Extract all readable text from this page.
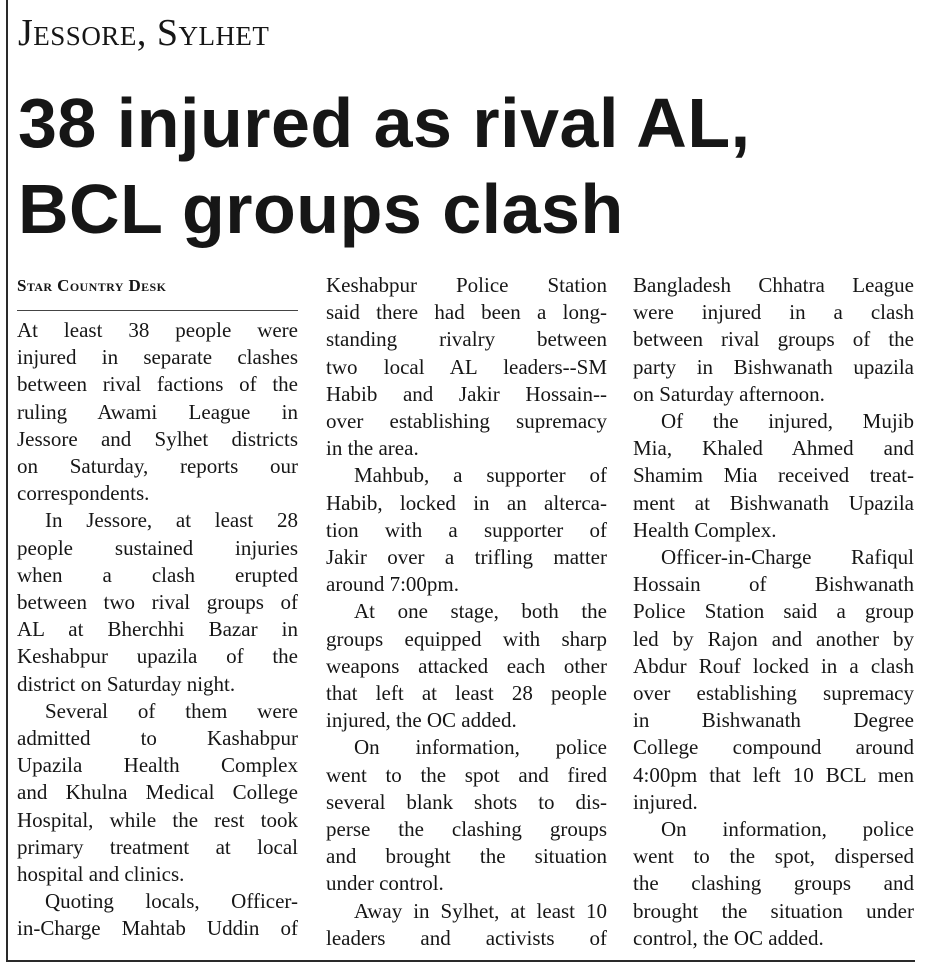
Jessore, Sylhet
38 injured as rival AL,
BCL groups clash
Star Country Desk
At least 38 people were
injured in separate clashes
between rival factions of the
ruling Awami League in
Jessore and Sylhet districts
on Saturday, reports our
correspondents.
In Jessore, at least 28
people sustained injuries
when a clash erupted
between two rival groups of
AL at Bherchhi Bazar in
Keshabpur upazila of the
district on Saturday night.
Several of them were
admitted to Kashabpur
Upazila Health Complex
and Khulna Medical College
Hospital, while the rest took
primary treatment at local
hospital and clinics.
Quoting locals, Officer-
in-Charge Mahtab Uddin of
Keshabpur Police Station
said there had been a long-
standing rivalry between
two local AL leaders--SM
Habib and Jakir Hossain--
over establishing supremacy
in the area.
Mahbub, a supporter of
Habib, locked in an alterca-
tion with a supporter of
Jakir over a trifling matter
around 7:00pm.
At one stage, both the
groups equipped with sharp
weapons attacked each other
that left at least 28 people
injured, the OC added.
On information, police
went to the spot and fired
several blank shots to dis-
perse the clashing groups
and brought the situation
under control.
Away in Sylhet, at least 10
leaders and activists of
Bangladesh Chhatra League
were injured in a clash
between rival groups of the
party in Bishwanath upazila
on Saturday afternoon.
Of the injured, Mujib
Mia, Khaled Ahmed and
Shamim Mia received treat-
ment at Bishwanath Upazila
Health Complex.
Officer-in-Charge Rafiqul
Hossain of Bishwanath
Police Station said a group
led by Rajon and another by
Abdur Rouf locked in a clash
over establishing supremacy
in Bishwanath Degree
College compound around
4:00pm that left 10 BCL men
injured.
On information, police
went to the spot, dispersed
the clashing groups and
brought the situation under
control, the OC added.
